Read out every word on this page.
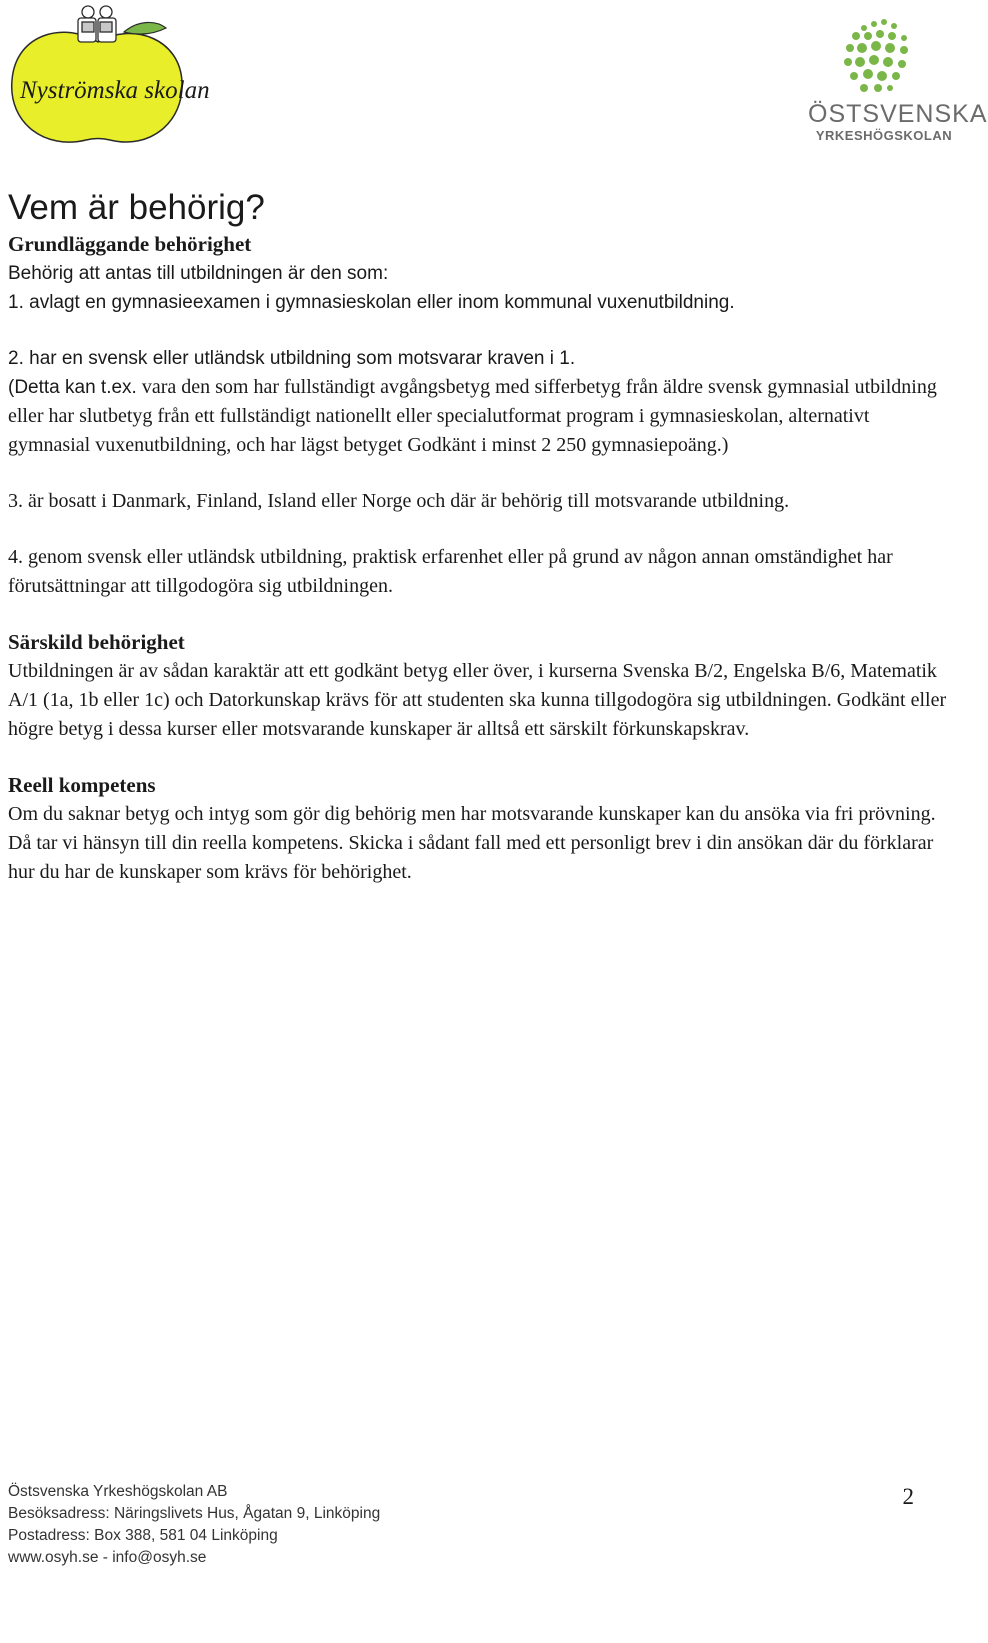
Nyströmska skolan
ÖSTSVENSKA
YRKESHÖGSKOLAN
Vem är behörig?

Grundläggande behörighet

Behörig att antas till utbildningen är den som:

1. avlagt en gymnasieexamen i gymnasieskolan eller inom kommunal vuxenutbildning.

2. har en svensk eller utländsk utbildning som motsvarar kraven i 1.

(Detta kan t.ex. vara den som har fullständigt avgångsbetyg med sifferbetyg från äldre svensk gymnasial utbildning eller har slutbetyg från ett fullständigt nationellt eller specialutformat program i gymnasieskolan, alternativt gymnasial vuxenutbildning, och har lägst betyget Godkänt i minst 2 250 gymnasiepoäng.)

3. är bosatt i Danmark, Finland, Island eller Norge och där är behörig till motsvarande utbildning.

4. genom svensk eller utländsk utbildning, praktisk erfarenhet eller på grund av någon annan omständighet har förutsättningar att tillgodogöra sig utbildningen.

Särskild behörighet

Utbildningen är av sådan karaktär att ett godkänt betyg eller över, i kurserna Svenska B/2, Engelska B/6, Matematik A/1 (1a, 1b eller 1c) och Datorkunskap krävs för att studenten ska kunna tillgodogöra sig utbildningen. Godkänt eller högre betyg i dessa kurser eller motsvarande kunskaper är alltså ett särskilt förkunskapskrav.

Reell kompetens

Om du saknar betyg och intyg som gör dig behörig men har motsvarande kunskaper kan du ansöka via fri prövning. Då tar vi hänsyn till din reella kompetens. Skicka i sådant fall med ett personligt brev i din ansökan där du förklarar hur du har de kunskaper som krävs för behörighet.

Östsvenska Yrkeshögskolan AB
Besöksadress: Näringslivets Hus, Ågatan 9, Linköping
Postadress: Box 388, 581 04 Linköping
www.osyh.se - info@osyh.se
2
